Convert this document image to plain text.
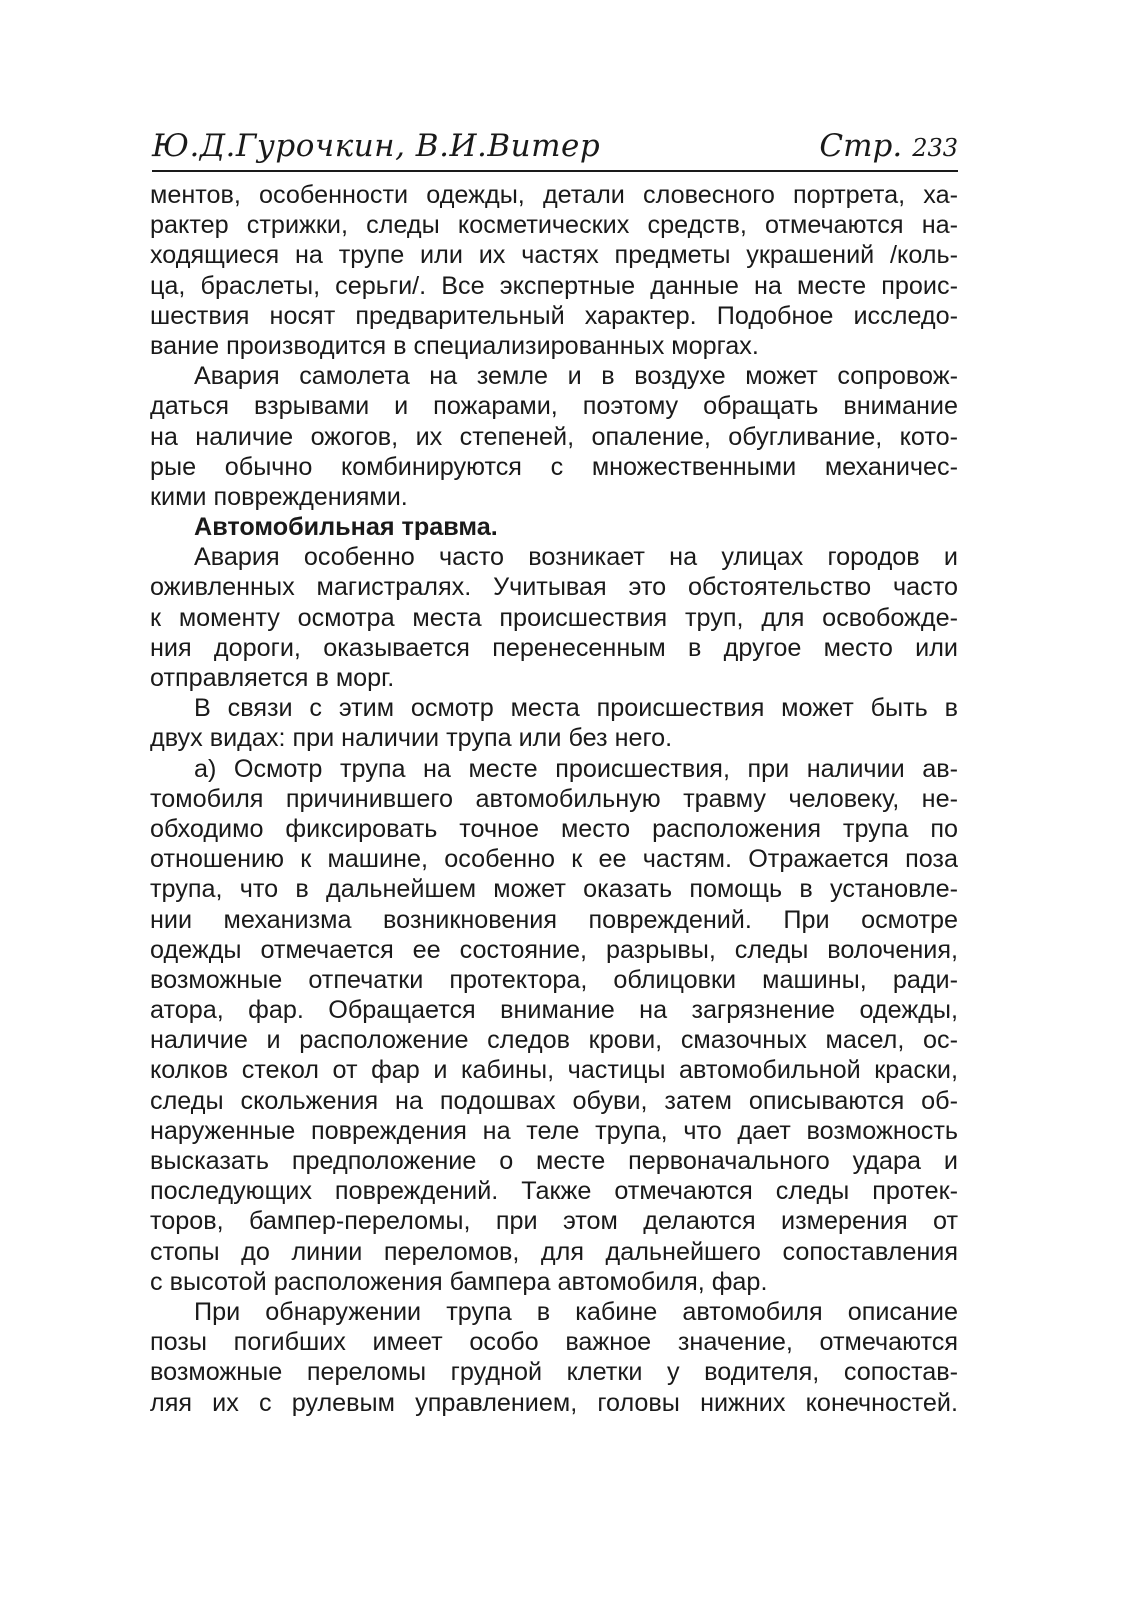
Ю.Д.Гурочкин, В.И.Витер	Стр. 233
ментов, особенности одежды, детали словесного портрета, ха-
рактер стрижки, следы косметических средств, отмечаются на-
ходящиеся на трупе или их частях предметы украшений /коль-
ца, браслеты, серьги/. Все экспертные данные на месте проис-
шествия носят предварительный характер. Подобное исследо-
вание производится в специализированных моргах.
Авария самолета на земле и в воздухе может сопровож-
даться взрывами и пожарами, поэтому обращать внимание
на наличие ожогов, их степеней, опаление, обугливание, кото-
рые обычно комбинируются с множественными механичес-
кими повреждениями.
Автомобильная травма.
Авария особенно часто возникает на улицах городов и
оживленных магистралях. Учитывая это обстоятельство часто
к моменту осмотра места происшествия труп, для освобожде-
ния дороги, оказывается перенесенным в другое место или
отправляется в морг.
В связи с этим осмотр места происшествия может быть в
двух видах: при наличии трупа или без него.
а) Осмотр трупа на месте происшествия, при наличии ав-
томобиля причинившего автомобильную травму человеку, не-
обходимо фиксировать точное место расположения трупа по
отношению к машине, особенно к ее частям. Отражается поза
трупа, что в дальнейшем может оказать помощь в установле-
нии механизма возникновения повреждений. При осмотре
одежды отмечается ее состояние, разрывы, следы волочения,
возможные отпечатки протектора, облицовки машины, ради-
атора, фар. Обращается внимание на загрязнение одежды,
наличие и расположение следов крови, смазочных масел, ос-
колков стекол от фар и кабины, частицы автомобильной краски,
следы скольжения на подошвах обуви, затем описываются об-
наруженные повреждения на теле трупа, что дает возможность
высказать предположение о месте первоначального удара и
последующих повреждений. Также отмечаются следы протек-
торов, бампер-переломы, при этом делаются измерения от
стопы до линии переломов, для дальнейшего сопоставления
с высотой расположения бампера автомобиля, фар.
При обнаружении трупа в кабине автомобиля описание
позы погибших имеет особо важное значение, отмечаются
возможные переломы грудной клетки у водителя, сопостав-
ляя их с рулевым управлением, головы нижних конечностей.
